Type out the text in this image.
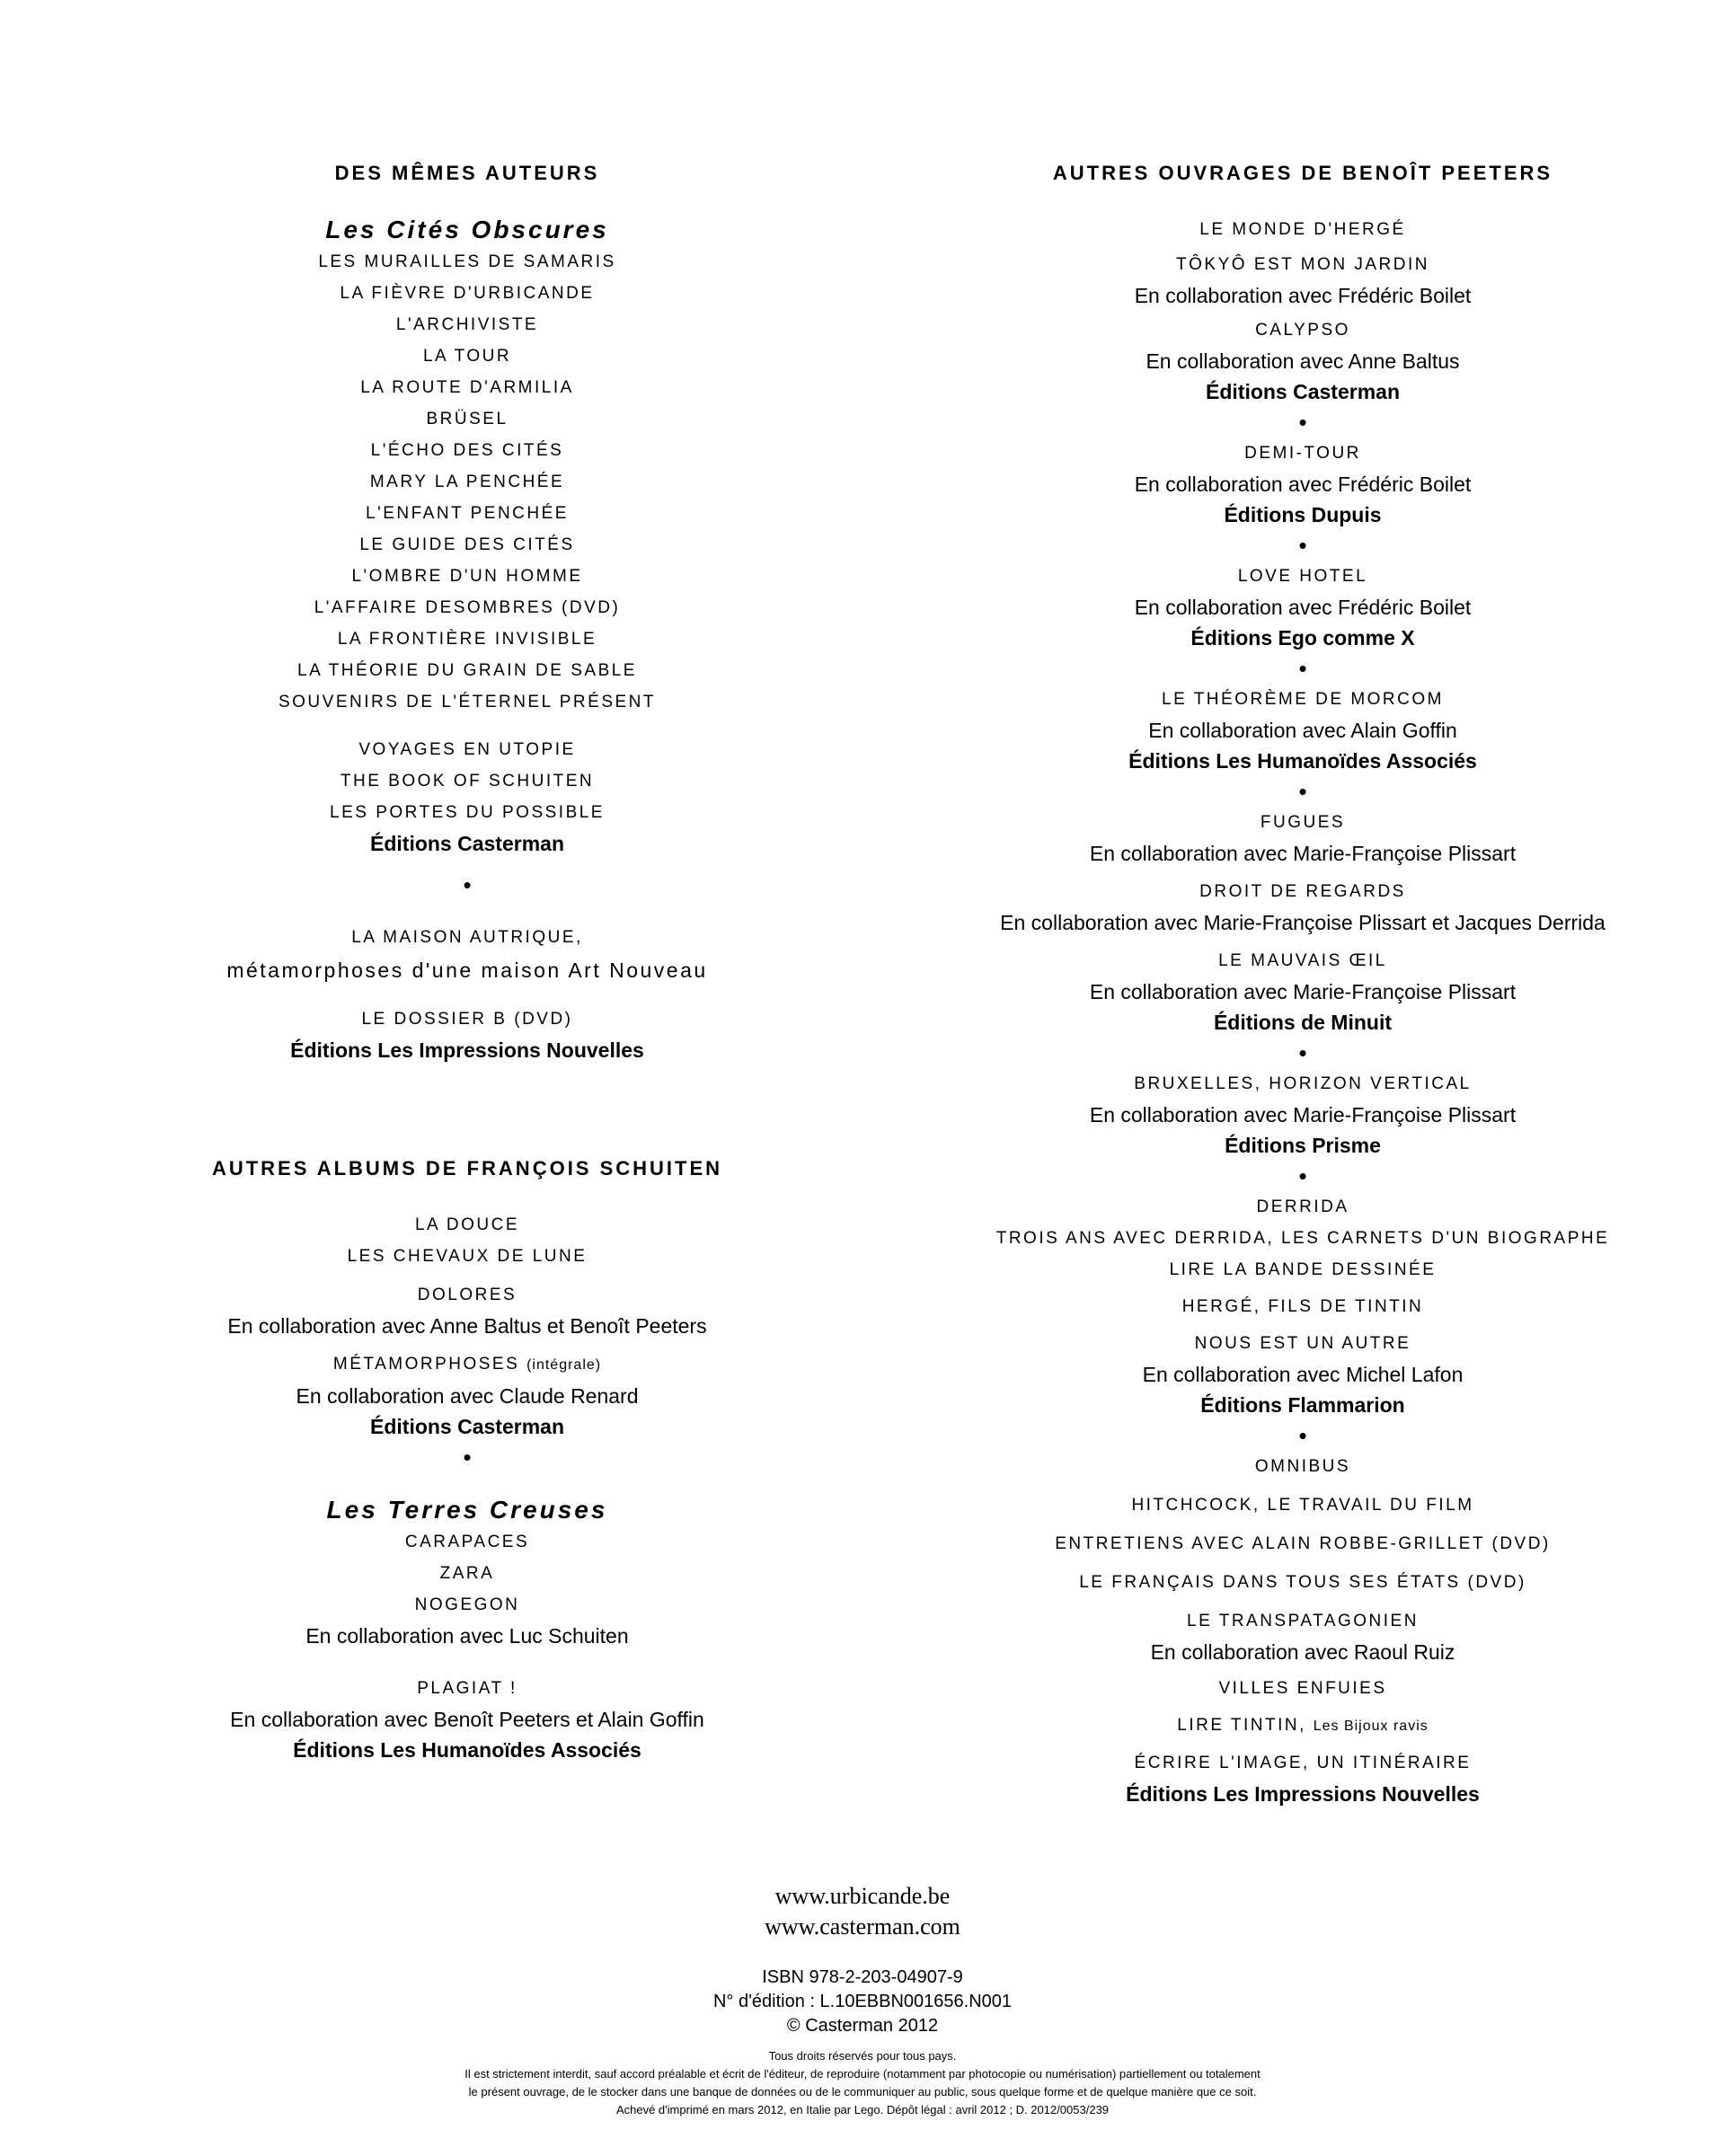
DES MÊMES AUTEURS

Les Cités Obscures

LES MURAILLES DE SAMARIS

LA FIÈVRE D'URBICANDE

L'ARCHIVISTE

LA TOUR

LA ROUTE D'ARMILIA

BRÜSEL

L'ÉCHO DES CITÉS

MARY LA PENCHÉE

L'ENFANT PENCHÉE

LE GUIDE DES CITÉS

L'OMBRE D'UN HOMME

L'AFFAIRE DESOMBRES (DVD)

LA FRONTIÈRE INVISIBLE

LA THÉORIE DU GRAIN DE SABLE

SOUVENIRS DE L'ÉTERNEL PRÉSENT

VOYAGES EN UTOPIE

THE BOOK OF SCHUITEN

LES PORTES DU POSSIBLE

Éditions Casterman

•

LA MAISON AUTRIQUE,

métamorphoses d'une maison Art Nouveau

LE DOSSIER B (DVD)

Éditions Les Impressions Nouvelles

AUTRES ALBUMS DE FRANÇOIS SCHUITEN

LA DOUCE

LES CHEVAUX DE LUNE

DOLORES

En collaboration avec Anne Baltus et Benoît Peeters

MÉTAMORPHOSES (intégrale)

En collaboration avec Claude Renard

Éditions Casterman

•

Les Terres Creuses

CARAPACES

ZARA

NOGEGON

En collaboration avec Luc Schuiten

PLAGIAT !

En collaboration avec Benoît Peeters et Alain Goffin

Éditions Les Humanoïdes Associés

AUTRES OUVRAGES DE BENOÎT PEETERS

LE MONDE D'HERGÉ

TÔKYÔ EST MON JARDIN

En collaboration avec Frédéric Boilet

CALYPSO

En collaboration avec Anne Baltus

Éditions Casterman

•

DEMI-TOUR

En collaboration avec Frédéric Boilet

Éditions Dupuis

•

LOVE HOTEL

En collaboration avec Frédéric Boilet

Éditions Ego comme X

•

LE THÉORÈME DE MORCOM

En collaboration avec Alain Goffin

Éditions Les Humanoïdes Associés

•

FUGUES

En collaboration avec Marie-Françoise Plissart

DROIT DE REGARDS

En collaboration avec Marie-Françoise Plissart et Jacques Derrida

LE MAUVAIS ŒIL

En collaboration avec Marie-Françoise Plissart

Éditions de Minuit

•

BRUXELLES, HORIZON VERTICAL

En collaboration avec Marie-Françoise Plissart

Éditions Prisme

•

DERRIDA

TROIS ANS AVEC DERRIDA, LES CARNETS D'UN BIOGRAPHE

LIRE LA BANDE DESSINÉE

HERGÉ, FILS DE TINTIN

NOUS EST UN AUTRE

En collaboration avec Michel Lafon

Éditions Flammarion

•

OMNIBUS

HITCHCOCK, LE TRAVAIL DU FILM

ENTRETIENS AVEC ALAIN ROBBE-GRILLET (DVD)

LE FRANÇAIS DANS TOUS SES ÉTATS (DVD)

LE TRANSPATAGONIEN

En collaboration avec Raoul Ruiz

VILLES ENFUIES

LIRE TINTIN, Les Bijoux ravis

ÉCRIRE L'IMAGE, UN ITINÉRAIRE

Éditions Les Impressions Nouvelles

www.urbicande.be

www.casterman.com

ISBN 978-2-203-04907-9

N° d'édition : L.10EBBN001656.N001

© Casterman 2012

Tous droits réservés pour tous pays.

Il est strictement interdit, sauf accord préalable et écrit de l'éditeur, de reproduire (notamment par photocopie ou numérisation) partiellement ou totalement

le présent ouvrage, de le stocker dans une banque de données ou de le communiquer au public, sous quelque forme et de quelque manière que ce soit.

Achevé d'imprimé en mars 2012, en Italie par Lego. Dépôt légal : avril 2012 ; D. 2012/0053/239
